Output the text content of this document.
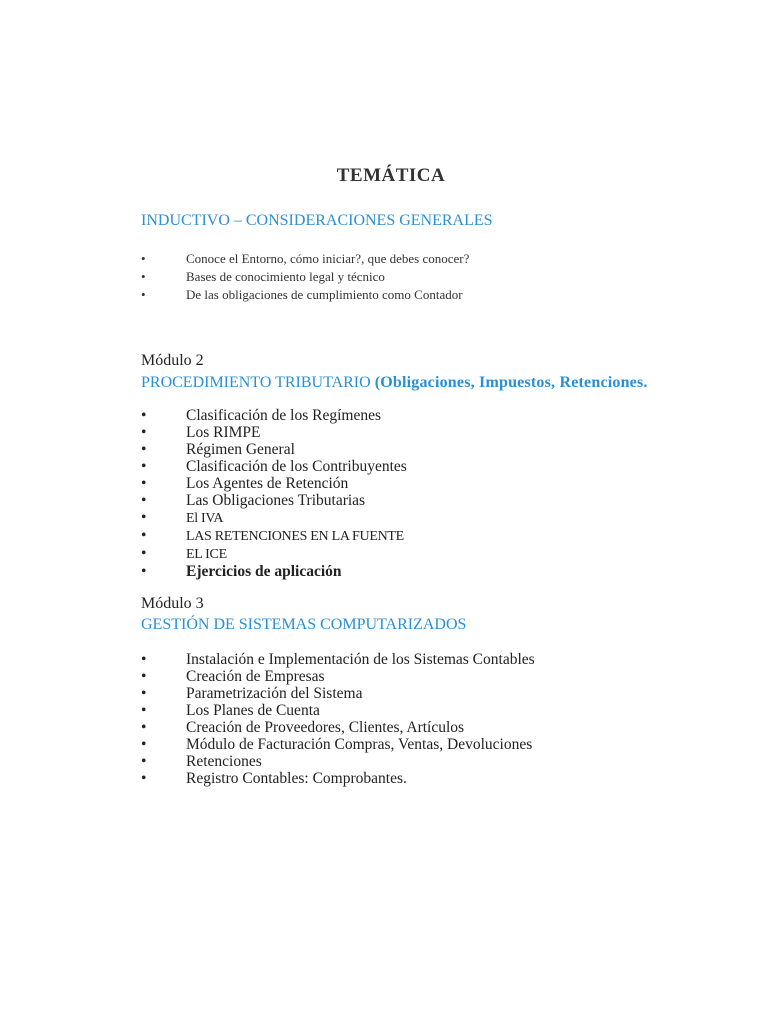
TEMÁTICA
INDUCTIVO – CONSIDERACIONES GENERALES
•	Conoce el Entorno, cómo iniciar?, que debes conocer?
•	Bases de conocimiento legal y técnico
•	De las obligaciones de cumplimiento como Contador
Módulo 2
PROCEDIMIENTO TRIBUTARIO (Obligaciones, Impuestos, Retenciones.
•	Clasificación de los Regímenes
•	Los RIMPE
•	Régimen General
•	Clasificación de los Contribuyentes
•	Los Agentes de Retención
•	Las Obligaciones Tributarias
•	El IVA
•	LAS RETENCIONES EN LA FUENTE
•	EL ICE
•	Ejercicios de aplicación
Módulo 3
GESTIÓN DE SISTEMAS COMPUTARIZADOS
•	Instalación e Implementación de los Sistemas Contables
•	Creación de Empresas
•	Parametrización del Sistema
•	Los Planes de Cuenta
•	Creación de Proveedores, Clientes, Artículos
•	Módulo de Facturación Compras, Ventas, Devoluciones
•	Retenciones
•	Registro Contables: Comprobantes.
